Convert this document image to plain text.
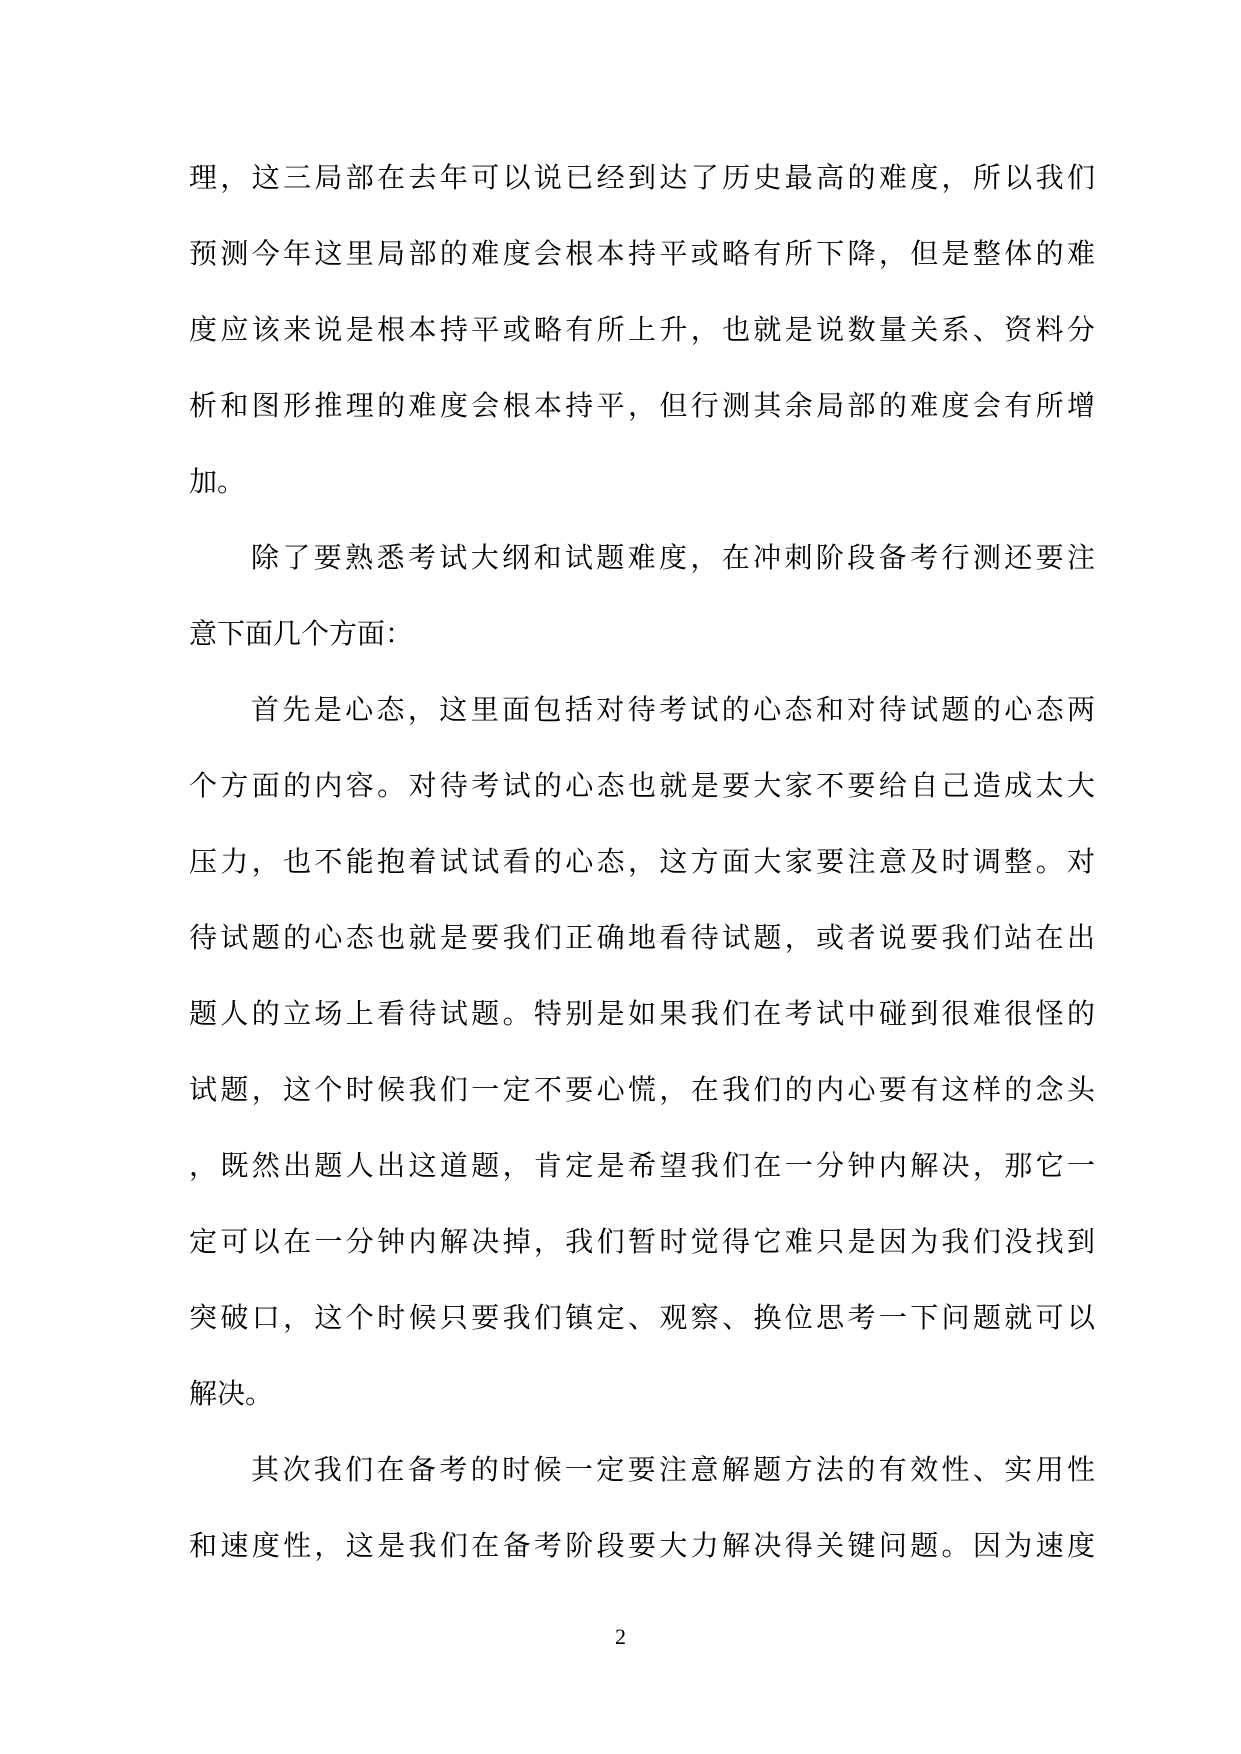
理，这三局部在去年可以说已经到达了历史最高的难度，所以我们
预测今年这里局部的难度会根本持平或略有所下降，但是整体的难
度应该来说是根本持平或略有所上升，也就是说数量关系、资料分
析和图形推理的难度会根本持平，但行测其余局部的难度会有所增
加。
除了要熟悉考试大纲和试题难度，在冲刺阶段备考行测还要注
意下面几个方面：
首先是心态，这里面包括对待考试的心态和对待试题的心态两
个方面的内容。对待考试的心态也就是要大家不要给自己造成太大
压力，也不能抱着试试看的心态，这方面大家要注意及时调整。对
待试题的心态也就是要我们正确地看待试题，或者说要我们站在出
题人的立场上看待试题。特别是如果我们在考试中碰到很难很怪的
试题，这个时候我们一定不要心慌，在我们的内心要有这样的念头
，既然出题人出这道题，肯定是希望我们在一分钟内解决，那它一
定可以在一分钟内解决掉，我们暂时觉得它难只是因为我们没找到
突破口，这个时候只要我们镇定、观察、换位思考一下问题就可以
解决。
其次我们在备考的时候一定要注意解题方法的有效性、实用性
和速度性，这是我们在备考阶段要大力解决得关键问题。因为速度
2
